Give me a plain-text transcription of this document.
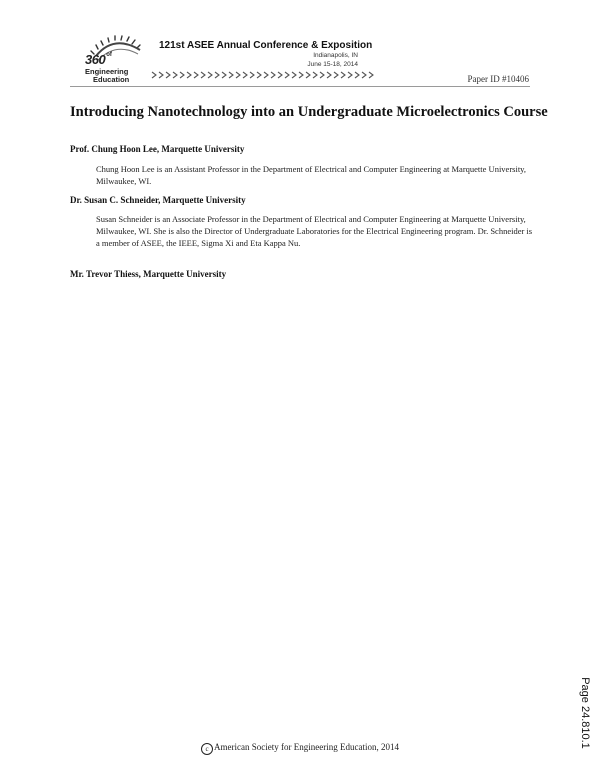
$360^{of}$
Engineering
Education
121st ASEE Annual Conference & Exposition
Indianapolis, IN
June 15-18, 2014
Paper ID #10406
Introducing Nanotechnology into an Undergraduate Microelectronics Course

Prof. Chung Hoon Lee, Marquette University

Chung Hoon Lee is an Assistant Professor in the Department of Electrical and Computer Engineering at Marquette University, Milwaukee, WI.

Dr. Susan C. Schneider, Marquette University

Susan Schneider is an Associate Professor in the Department of Electrical and Computer Engineering at Marquette University, Milwaukee, WI. She is also the Director of Undergraduate Laboratories for the Electrical Engineering program. Dr. Schneider is a member of ASEE, the IEEE, Sigma Xi and Eta Kappa Nu.

Mr. Trevor Thiess, Marquette University

Page 24.810.1
c American Society for Engineering Education, 2014
